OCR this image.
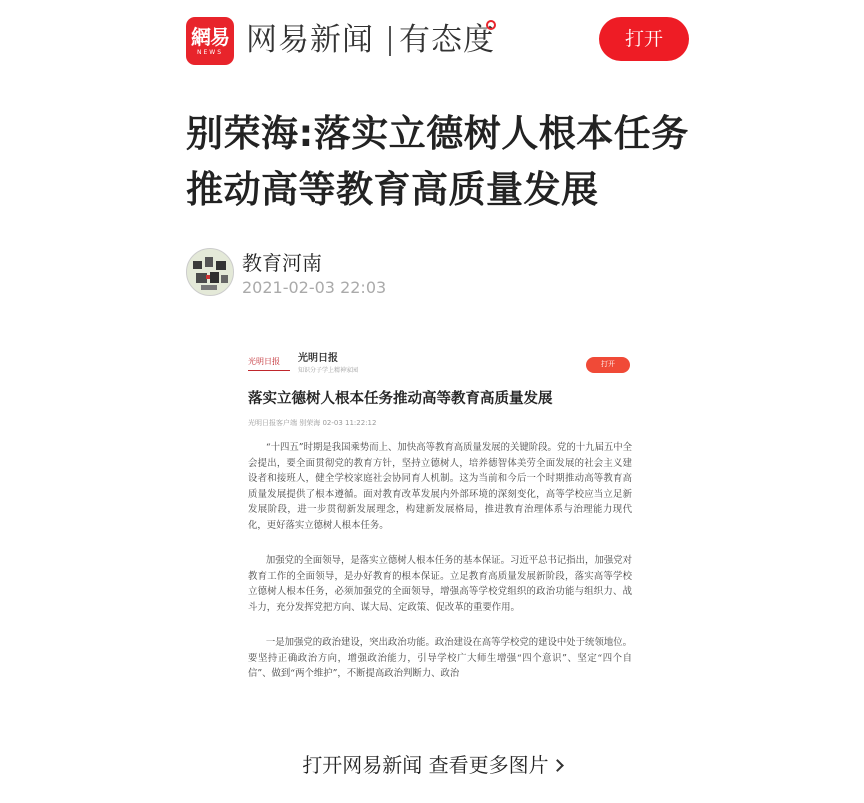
網易
NEWS 网易新闻 有态度	打开
别荣海:落实立德树人根本任务推动高等教育高质量发展
教育河南
2021-02-03 22:03
光明日报	光明日报
知识分子学上精神家园
打开
落实立德树人根本任务推动高等教育高质量发展
光明日报客户端 别荣海 02-03 11:22:12

“十四五”时期是我国乘势而上、加快高等教育高质量发展的关键阶段。党的十九届五中全会提出，要全面贯彻党的教育方针，坚持立德树人，培养德智体美劳全面发展的社会主义建设者和接班人，健全学校家庭社会协同育人机制。这为当前和今后一个时期推动高等教育高质量发展提供了根本遵循。面对教育改革发展内外部环境的深刻变化，高等学校应当立足新发展阶段，进一步贯彻新发展理念，构建新发展格局，推进教育治理体系与治理能力现代化，更好落实立德树人根本任务。

加强党的全面领导，是落实立德树人根本任务的基本保证。习近平总书记指出，加强党对教育工作的全面领导，是办好教育的根本保证。立足教育高质量发展新阶段，落实高等学校立德树人根本任务，必须加强党的全面领导，增强高等学校党组织的政治功能与组织力、战斗力，充分发挥党把方向、谋大局、定政策、促改革的重要作用。

一是加强党的政治建设，突出政治功能。政治建设在高等学校党的建设中处于统领地位。要坚持正确政治方向，增强政治能力，引导学校广大师生增强“四个意识”、坚定“四个自信”、做到“两个维护”，不断提高政治判断力、政治

打开网易新闻 查看更多图片
